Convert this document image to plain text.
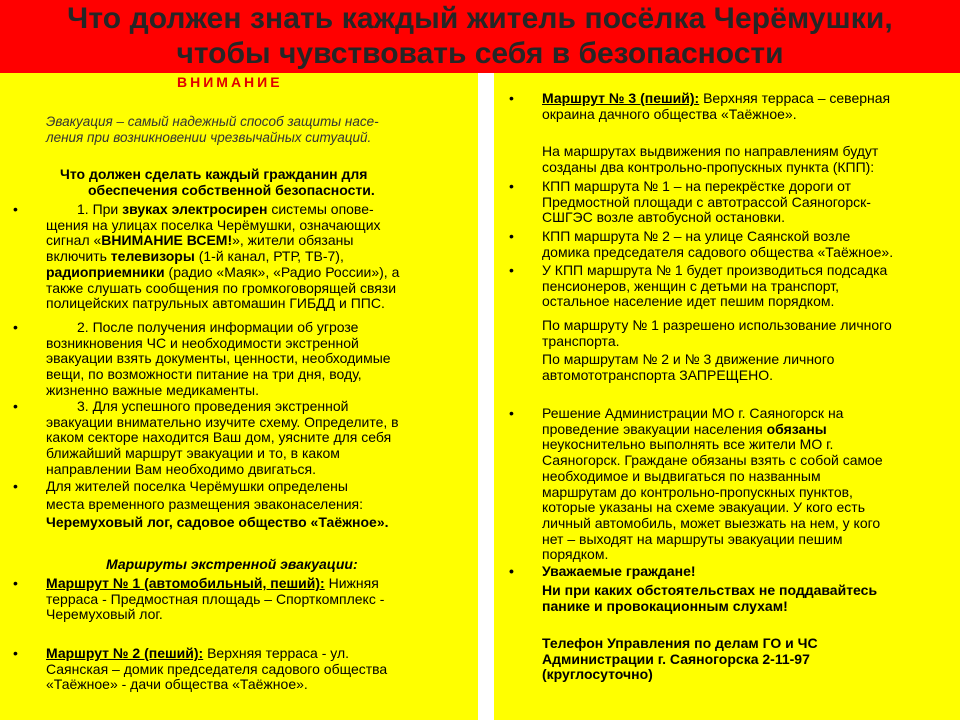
Что должен знать каждый житель посёлка Черёмушки,
чтобы чувствовать себя в безопасности
ВНИМАНИЕ
Эвакуация – самый надежный способ защиты насе-
ления при возникновении чрезвычайных ситуаций.
Что должен сделать каждый гражданин для
обеспечения собственной безопасности.
• 1. При звуках электросирен системы опове-
щения на улицах поселка Черёмушки, означающих
сигнал «ВНИМАНИЕ ВСЕМ!», жители обязаны
включить телевизоры (1-й канал, РТР, ТВ-7),
радиоприемники (радио «Маяк», «Радио России»), а
также слушать сообщения по громкоговорящей связи
полицейских патрульных автомашин ГИБДД и ППС.
• 2. После получения информации об угрозе
возникновения ЧС и необходимости экстренной
эвакуации взять документы, ценности, необходимые
вещи, по возможности питание на три дня, воду,
жизненно важные медикаменты.
• 3. Для успешного проведения экстренной
эвакуации внимательно изучите схему. Определите, в
каком секторе находится Ваш дом, уясните для себя
ближайший маршрут эвакуации и то, в каком
направлении Вам необходимо двигаться.
• Для жителей поселка Черёмушки определены
места временного размещения эваконаселения:
Черемуховый лог, садовое общество «Таёжное».
Маршруты экстренной эвакуации:
• Маршрут № 1 (автомобильный, пеший): Нижняя
терраса - Предмостная площадь – Спорткомплекс -
Черемуховый лог.
• Маршрут № 2 (пеший): Верхняя терраса - ул.
Саянская – домик председателя садового общества
«Таёжное» - дачи общества «Таёжное».
• Маршрут № 3 (пеший): Верхняя терраса – северная
окраина дачного общества «Таёжное».
На маршрутах выдвижения по направлениям будут
созданы два контрольно-пропускных пункта (КПП):
• КПП маршрута № 1 – на перекрёстке дороги от
Предмостной площади с автотрассой Саяногорск-
СШГЭС возле автобусной остановки.
• КПП маршрута № 2 – на улице Саянской возле
домика председателя садового общества «Таёжное».
• У КПП маршрута № 1 будет производиться подсадка
пенсионеров, женщин с детьми на транспорт,
остальное население идет пешим порядком.
По маршруту № 1 разрешено использование личного
транспорта.
По маршрутам № 2 и № 3 движение личного
автомототранспорта ЗАПРЕЩЕНО.
• Решение Администрации МО г. Саяногорск на
проведение эвакуации населения обязаны
неукоснительно выполнять все жители МО г.
Саяногорск. Граждане обязаны взять с собой самое
необходимое и выдвигаться по названным
маршрутам до контрольно-пропускных пунктов,
которые указаны на схеме эвакуации. У кого есть
личный автомобиль, может выезжать на нем, у кого
нет – выходят на маршруты эвакуации пешим
порядком.
• Уважаемые граждане!
Ни при каких обстоятельствах не поддавайтесь
панике и провокационным слухам!
Телефон Управления по делам ГО и ЧС
Администрации г. Саяногорска 2-11-97
(круглосуточно)
